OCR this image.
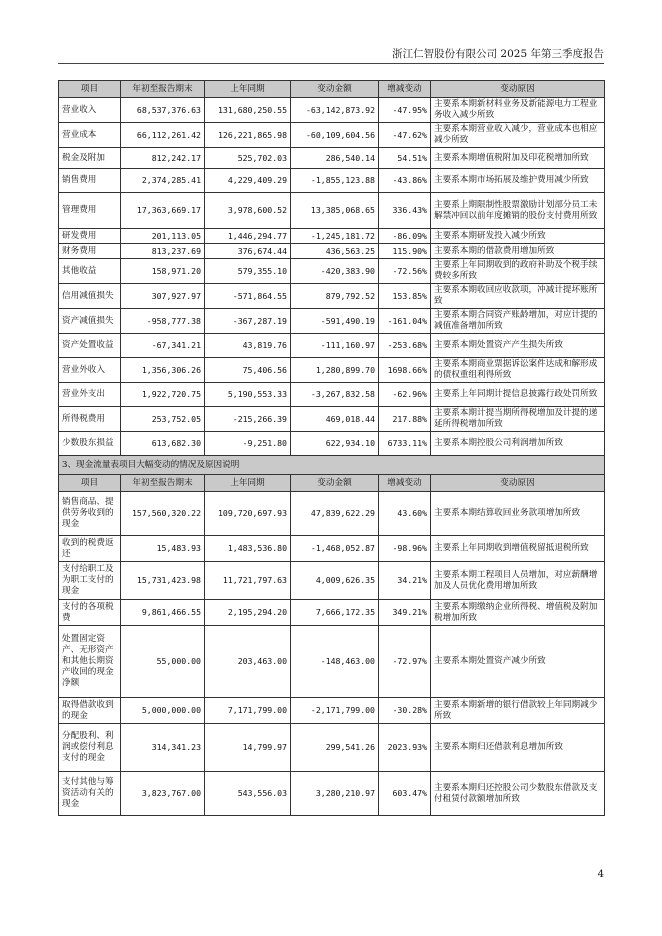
浙江仁智股份有限公司 2025 年第三季度报告
项目	年初至报告期末	上年同期	变动金额	增减变动	变动原因
营业收入	68,537,376.63	131,680,250.55	-63,142,873.92	-47.95%	主要系本期新材料业务及新能源电力工程业务收入减少所致
营业成本	66,112,261.42	126,221,865.98	-60,109,604.56	-47.62%	主要系本期营业收入减少，营业成本也相应减少所致
税金及附加	812,242.17	525,702.03	286,540.14	54.51%	主要系本期增值税附加及印花税增加所致
销售费用	2,374,285.41	4,229,409.29	-1,855,123.88	-43.86%	主要系本期市场拓展及维护费用减少所致
管理费用	17,363,669.17	3,978,600.52	13,385,068.65	336.43%	主要系上期限制性股票激励计划部分员工未解禁冲回以前年度摊销的股份支付费用所致
研发费用	201,113.05	1,446,294.77	-1,245,181.72	-86.09%	主要系本期研发投入减少所致
财务费用	813,237.69	376,674.44	436,563.25	115.90%	主要系本期的借款费用增加所致
其他收益	158,971.20	579,355.10	-420,383.90	-72.56%	主要系上年同期收到的政府补助及个税手续费较多所致
信用减值损失	307,927.97	-571,864.55	879,792.52	153.85%	主要系本期收回应收款项，冲减计提坏账所致
资产减值损失	-958,777.38	-367,287.19	-591,490.19	-161.04%	主要系本期合同资产账龄增加，对应计提的减值准备增加所致
资产处置收益	-67,341.21	43,819.76	-111,160.97	-253.68%	主要系本期处置资产产生损失所致
营业外收入	1,356,306.26	75,406.56	1,280,899.70	1698.66%	主要系本期商业票据诉讼案件达成和解形成的债权重组利得所致
营业外支出	1,922,720.75	5,190,553.33	-3,267,832.58	-62.96%	主要系上年同期计提信息披露行政处罚所致
所得税费用	253,752.05	-215,266.39	469,018.44	217.88%	主要系本期计提当期所得税增加及计提的递延所得税增加所致
少数股东损益	613,682.30	-9,251.80	622,934.10	6733.11%	主要系本期控股公司利润增加所致
3、现金流量表项目大幅变动的情况及原因说明					
项目	年初至报告期末	上年同期	变动金额	增减变动	变动原因
销售商品、提供劳务收到的现金	157,560,320.22	109,720,697.93	47,839,622.29	43.60%	主要系本期结算收回业务款项增加所致
收到的税费返还	15,483.93	1,483,536.80	-1,468,052.87	-98.96%	主要系上年同期收到增值税留抵退税所致
支付给职工及为职工支付的现金	15,731,423.98	11,721,797.63	4,009,626.35	34.21%	主要系本期工程项目人员增加，对应薪酬增加及人员优化费用增加所致
支付的各项税费	9,861,466.55	2,195,294.20	7,666,172.35	349.21%	主要系本期缴纳企业所得税、增值税及附加税增加所致
处置固定资产、无形资产和其他长期资产收回的现金净额	55,000.00	203,463.00	-148,463.00	-72.97%	主要系本期处置资产减少所致
取得借款收到的现金	5,000,000.00	7,171,799.00	-2,171,799.00	-30.28%	主要系本期新增的银行借款较上年同期减少所致
分配股利、利润或偿付利息支付的现金	314,341.23	14,799.97	299,541.26	2023.93%	主要系本期归还借款利息增加所致
支付其他与筹资活动有关的现金	3,823,767.00	543,556.03	3,280,210.97	603.47%	主要系本期归还控股公司少数股东借款及支付租赁付款额增加所致
4
